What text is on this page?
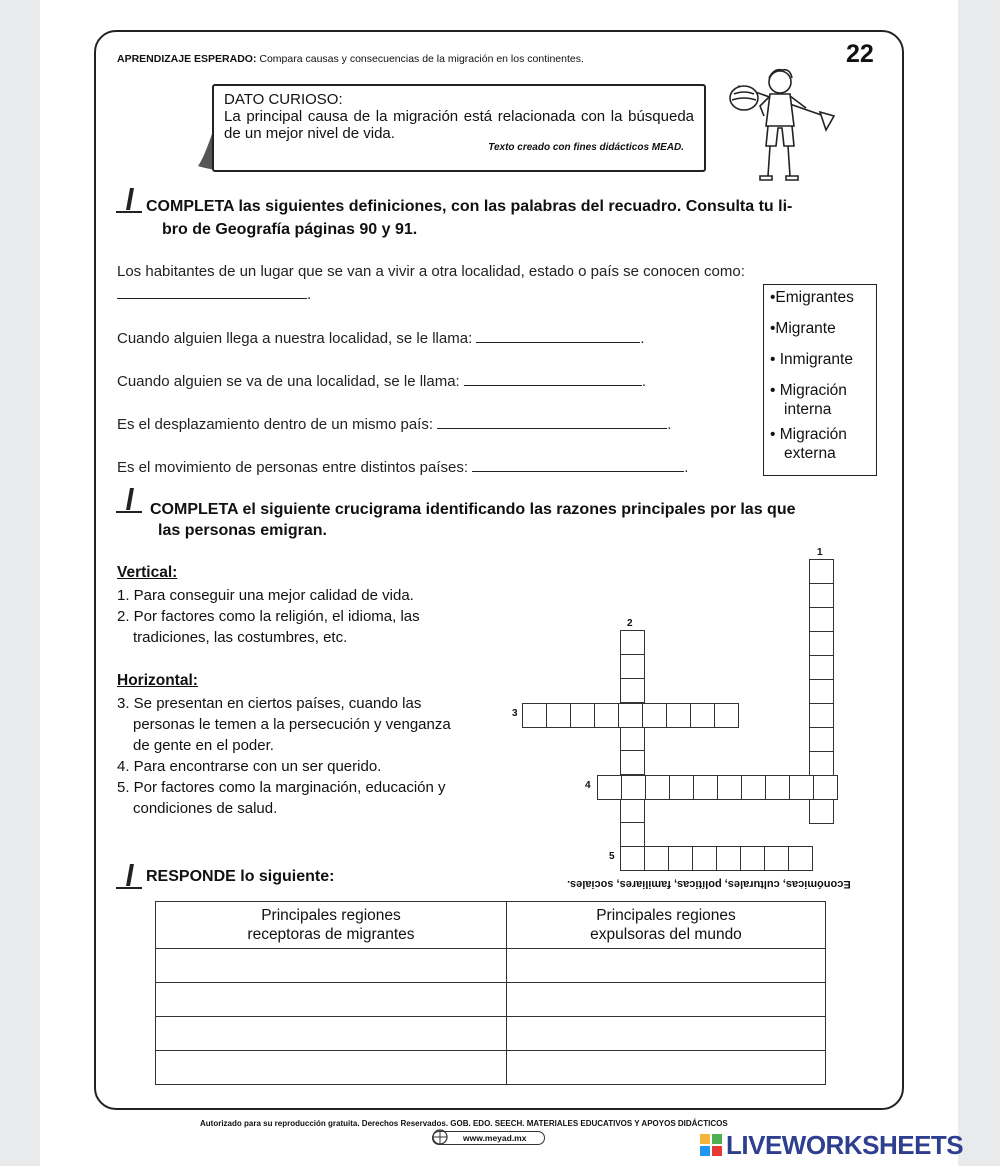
APRENDIZAJE ESPERADO: Compara causas y consecuencias de la migración en los continentes.	22
DATO CURIOSO:
La principal causa de la migración está relacionada con la búsqueda de un mejor nivel de vida.
Texto creado con fines didácticos MEAD.
COMPLETA las siguientes definiciones, con las palabras del recuadro. Consulta tu li-
bro de Geografía páginas 90 y 91.
Los habitantes de un lugar que se van a vivir a otra localidad, estado o país se conocen como:
.
Cuando alguien llega a nuestra localidad, se le llama:	.
Cuando alguien se va de una localidad, se le llama:	.
Es el desplazamiento dentro de un mismo país:	.
Es el movimiento de personas entre distintos países:	.
•Emigrantes
•Migrante
• Inmigrante
• Migración
interna
• Migración
externa
COMPLETA el siguiente crucigrama identificando las razones principales por las que
las personas emigran.
Vertical:
1. Para conseguir una mejor calidad de vida.
2. Por factores como la religión, el idioma, las
tradiciones, las costumbres, etc.
Horizontal:
3. Se presentan en ciertos países, cuando las
personas le temen a la persecución y venganza
de gente en el poder.
4. Para encontrarse con un ser querido.
5. Por factores como la marginación, educación y
condiciones de salud.
1
2
3
4
5
Económicas, culturales, políticas, familiares, sociales.
RESPONDE lo siguiente:
Principales regiones
receptoras de migrantes	Principales regiones
expulsoras del mundo

Autorizado para su reproducción gratuita. Derechos Reservados. GOB. EDO. SEECH. MATERIALES EDUCATIVOS Y APOYOS DIDÁCTICOS
www.meyad.mx	LIVEWORKSHEETS
